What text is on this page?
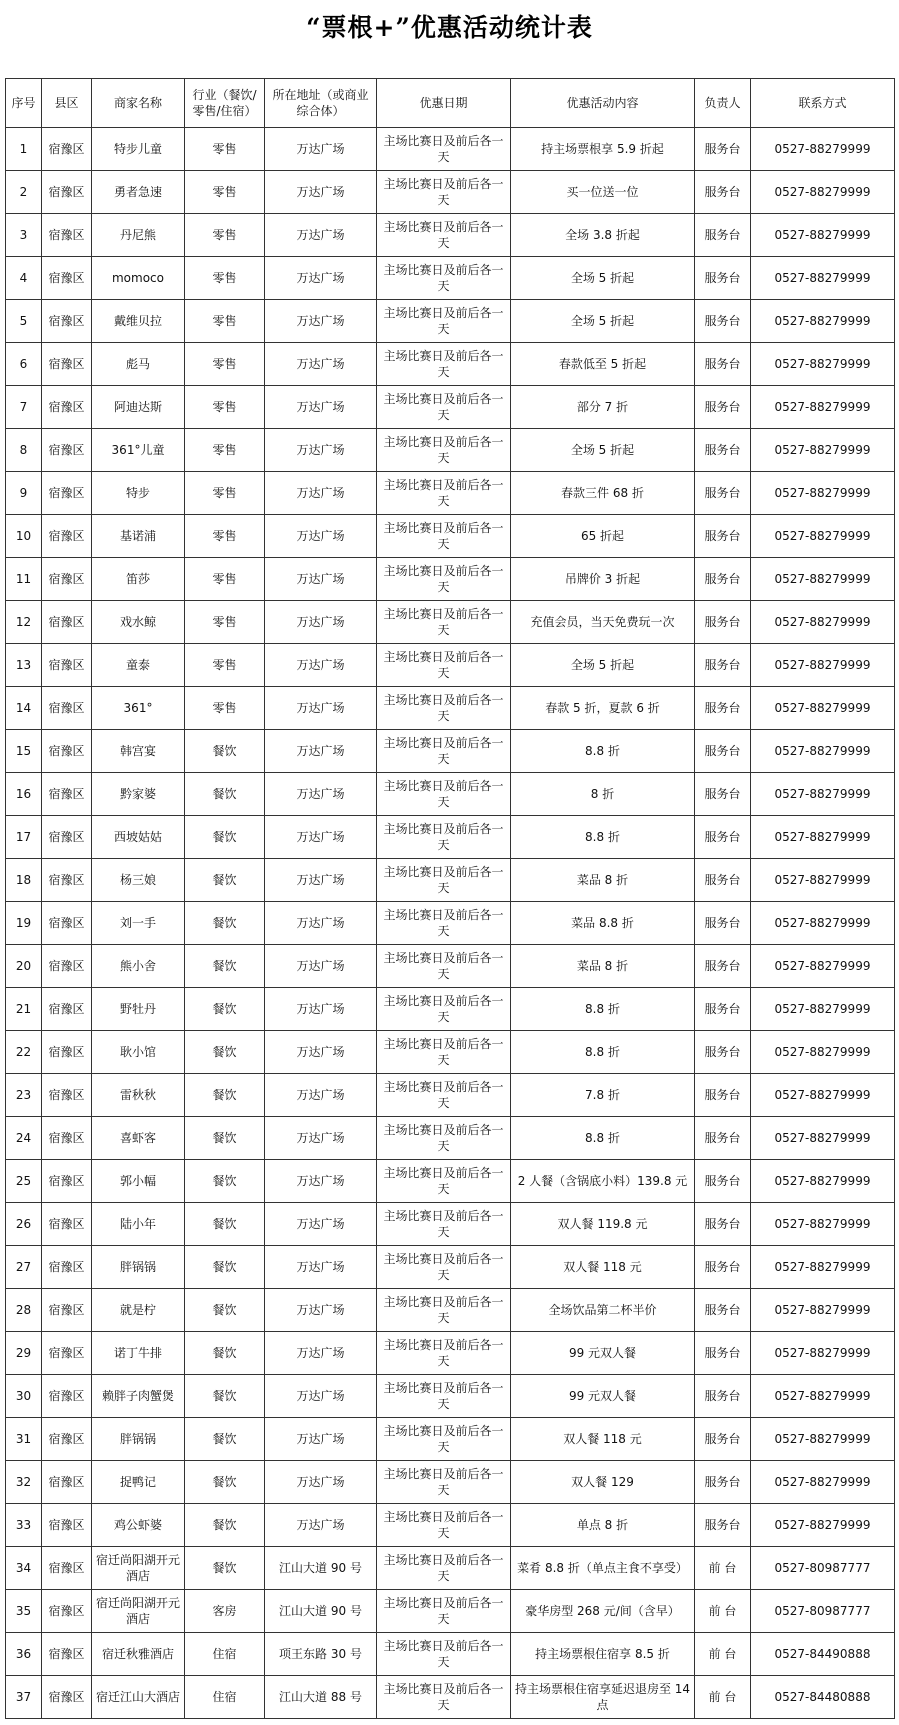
“票根+”优惠活动统计表
序号	县区	商家名称	行业（餐饮/零售/住宿）	所在地址（或商业综合体）	优惠日期	优惠活动内容	负责人	联系方式
1	宿豫区	特步儿童	零售	万达广场	主场比赛日及前后各一天	持主场票根享 5.9 折起	服务台	0527-88279999
2	宿豫区	勇者急速	零售	万达广场	主场比赛日及前后各一天	买一位送一位	服务台	0527-88279999
3	宿豫区	丹尼熊	零售	万达广场	主场比赛日及前后各一天	全场 3.8 折起	服务台	0527-88279999
4	宿豫区	momoco	零售	万达广场	主场比赛日及前后各一天	全场 5 折起	服务台	0527-88279999
5	宿豫区	戴维贝拉	零售	万达广场	主场比赛日及前后各一天	全场 5 折起	服务台	0527-88279999
6	宿豫区	彪马	零售	万达广场	主场比赛日及前后各一天	春款低至 5 折起	服务台	0527-88279999
7	宿豫区	阿迪达斯	零售	万达广场	主场比赛日及前后各一天	部分 7 折	服务台	0527-88279999
8	宿豫区	361°儿童	零售	万达广场	主场比赛日及前后各一天	全场 5 折起	服务台	0527-88279999
9	宿豫区	特步	零售	万达广场	主场比赛日及前后各一天	春款三件 68 折	服务台	0527-88279999
10	宿豫区	基诺浦	零售	万达广场	主场比赛日及前后各一天	65 折起	服务台	0527-88279999
11	宿豫区	笛莎	零售	万达广场	主场比赛日及前后各一天	吊牌价 3 折起	服务台	0527-88279999
12	宿豫区	戏水鲸	零售	万达广场	主场比赛日及前后各一天	充值会员，当天免费玩一次	服务台	0527-88279999
13	宿豫区	童泰	零售	万达广场	主场比赛日及前后各一天	全场 5 折起	服务台	0527-88279999
14	宿豫区	361°	零售	万达广场	主场比赛日及前后各一天	春款 5 折，夏款 6 折	服务台	0527-88279999
15	宿豫区	韩宫宴	餐饮	万达广场	主场比赛日及前后各一天	8.8 折	服务台	0527-88279999
16	宿豫区	黔家婆	餐饮	万达广场	主场比赛日及前后各一天	8 折	服务台	0527-88279999
17	宿豫区	西坡姑姑	餐饮	万达广场	主场比赛日及前后各一天	8.8 折	服务台	0527-88279999
18	宿豫区	杨三娘	餐饮	万达广场	主场比赛日及前后各一天	菜品 8 折	服务台	0527-88279999
19	宿豫区	刘一手	餐饮	万达广场	主场比赛日及前后各一天	菜品 8.8 折	服务台	0527-88279999
20	宿豫区	熊小舍	餐饮	万达广场	主场比赛日及前后各一天	菜品 8 折	服务台	0527-88279999
21	宿豫区	野牡丹	餐饮	万达广场	主场比赛日及前后各一天	8.8 折	服务台	0527-88279999
22	宿豫区	耿小馆	餐饮	万达广场	主场比赛日及前后各一天	8.8 折	服务台	0527-88279999
23	宿豫区	雷秋秋	餐饮	万达广场	主场比赛日及前后各一天	7.8 折	服务台	0527-88279999
24	宿豫区	喜虾客	餐饮	万达广场	主场比赛日及前后各一天	8.8 折	服务台	0527-88279999
25	宿豫区	郭小幅	餐饮	万达广场	主场比赛日及前后各一天	2 人餐（含锅底小料）139.8 元	服务台	0527-88279999
26	宿豫区	陆小年	餐饮	万达广场	主场比赛日及前后各一天	双人餐 119.8 元	服务台	0527-88279999
27	宿豫区	胖锅锅	餐饮	万达广场	主场比赛日及前后各一天	双人餐 118 元	服务台	0527-88279999
28	宿豫区	就是柠	餐饮	万达广场	主场比赛日及前后各一天	全场饮品第二杯半价	服务台	0527-88279999
29	宿豫区	诺丁牛排	餐饮	万达广场	主场比赛日及前后各一天	99 元双人餐	服务台	0527-88279999
30	宿豫区	赖胖子肉蟹煲	餐饮	万达广场	主场比赛日及前后各一天	99 元双人餐	服务台	0527-88279999
31	宿豫区	胖锅锅	餐饮	万达广场	主场比赛日及前后各一天	双人餐 118 元	服务台	0527-88279999
32	宿豫区	捉鸭记	餐饮	万达广场	主场比赛日及前后各一天	双人餐 129	服务台	0527-88279999
33	宿豫区	鸡公虾婆	餐饮	万达广场	主场比赛日及前后各一天	单点 8 折	服务台	0527-88279999
34	宿豫区	宿迁尚阳湖开元酒店	餐饮	江山大道 90 号	主场比赛日及前后各一天	菜肴 8.8 折（单点主食不享受）	前 台	0527-80987777
35	宿豫区	宿迁尚阳湖开元酒店	客房	江山大道 90 号	主场比赛日及前后各一天	豪华房型 268 元/间（含早）	前 台	0527-80987777
36	宿豫区	宿迁秋雅酒店	住宿	项王东路 30 号	主场比赛日及前后各一天	持主场票根住宿享 8.5 折	前 台	0527-84490888
37	宿豫区	宿迁江山大酒店	住宿	江山大道 88 号	主场比赛日及前后各一天	持主场票根住宿享延迟退房至 14 点	前 台	0527-84480888
